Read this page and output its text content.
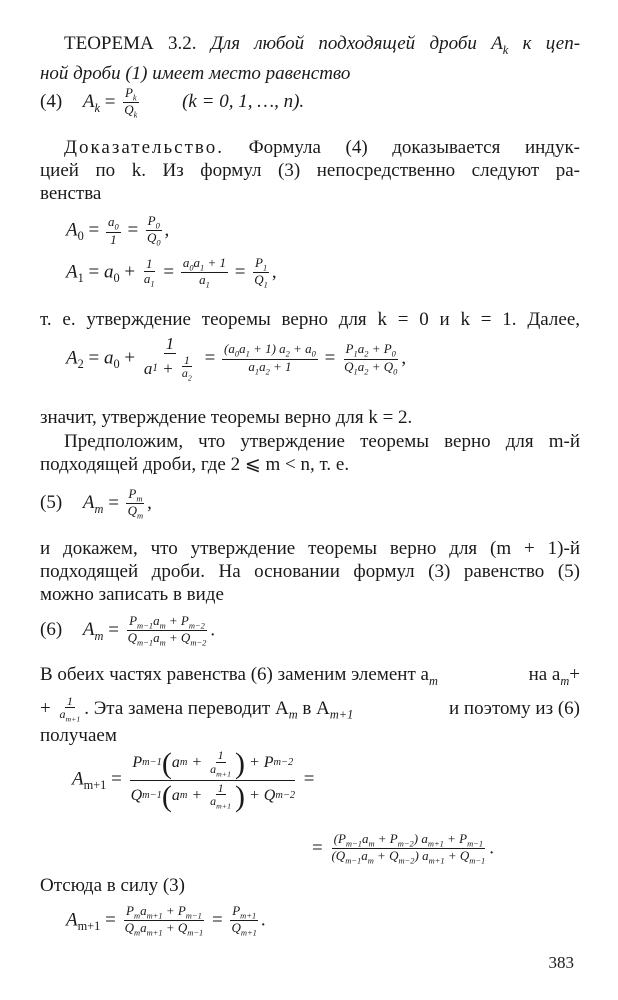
ТЕОРЕМА 3.2. Для любой подходящей дроби $A_k$ к цеп-
ной дроби (1) имеет место равенство
(4) $A_k = \frac{P_k}{Q_k} (k = 0$, 1, …, n).
Доказательство. Формула (4) доказывается индук-
цией по k. Из формул (3) непосредственно следуют ра-
венства
$A_0 = \frac{a_0}{1} = \frac{P_0}{Q_0}$ ,
$A_1 = a_0 + \frac{1}{a_1} = \frac{a_0a_1 + 1}{a_1} = \frac{P_1}{Q_1}$ ,
т. е. утверждение теоремы верно для k = 0 и k = 1. Далее,
$A_2 = a_0 + 1$
a 1 + 1
$a_2 = \frac{(a_0a_1 + 1) a_2 + a_0}{a_1a_2 + 1} = \frac{P_1a_2 + P_0}{Q_1a_2 + Q_0}$ ,
значит, утверждение теоремы верно для k = 2.
Предположим, что утверждение теоремы верно для m-й
подходящей дроби, где 2 ⩽ m < n, т. е.
(5) $A_m = \frac{P_m}{Q_m}$ ,
и докажем, что утверждение теоремы верно для (m + 1)-й
подходящей дроби. На основании формул (3) равенство (5)
можно записать в виде
(6) $A_m = \frac{P_{m-1}a_m + P_{m-2}}{Q_{m-1}a_m + Q_{m-2}}$ .
В обеих частях равенства (6) заменим элемент $a_m$	на $a_m+$
+ $\frac{1}{a_{m+1}}$ . Эта замена переводит $A_m$ в $A_{m+1}$	и поэтому из (6)
получаем
$A_{m+1} = P$ m−1 ( a m + 1
$a_{m+1}$ ) + P m−2
Q m−1 ( a m + 1
$a_{m+1}$ ) + Q m−2 =
= $\frac{(P_{m-1}a_m + P_{m-2}) a_{m+1} + P_{m-1}}{(Q_{m-1}a_m + Q_{m-2}) a_{m+1} + Q_{m-1}}$ .
Отсюда в силу (3)
$A_{m+1} = P_ma_{m+1} + P_{m-1}$
$Q_ma_{m+1} + Q_{m-1}$
= $\frac{P_{m+1}}{Q_{m+1}}$ .
383
